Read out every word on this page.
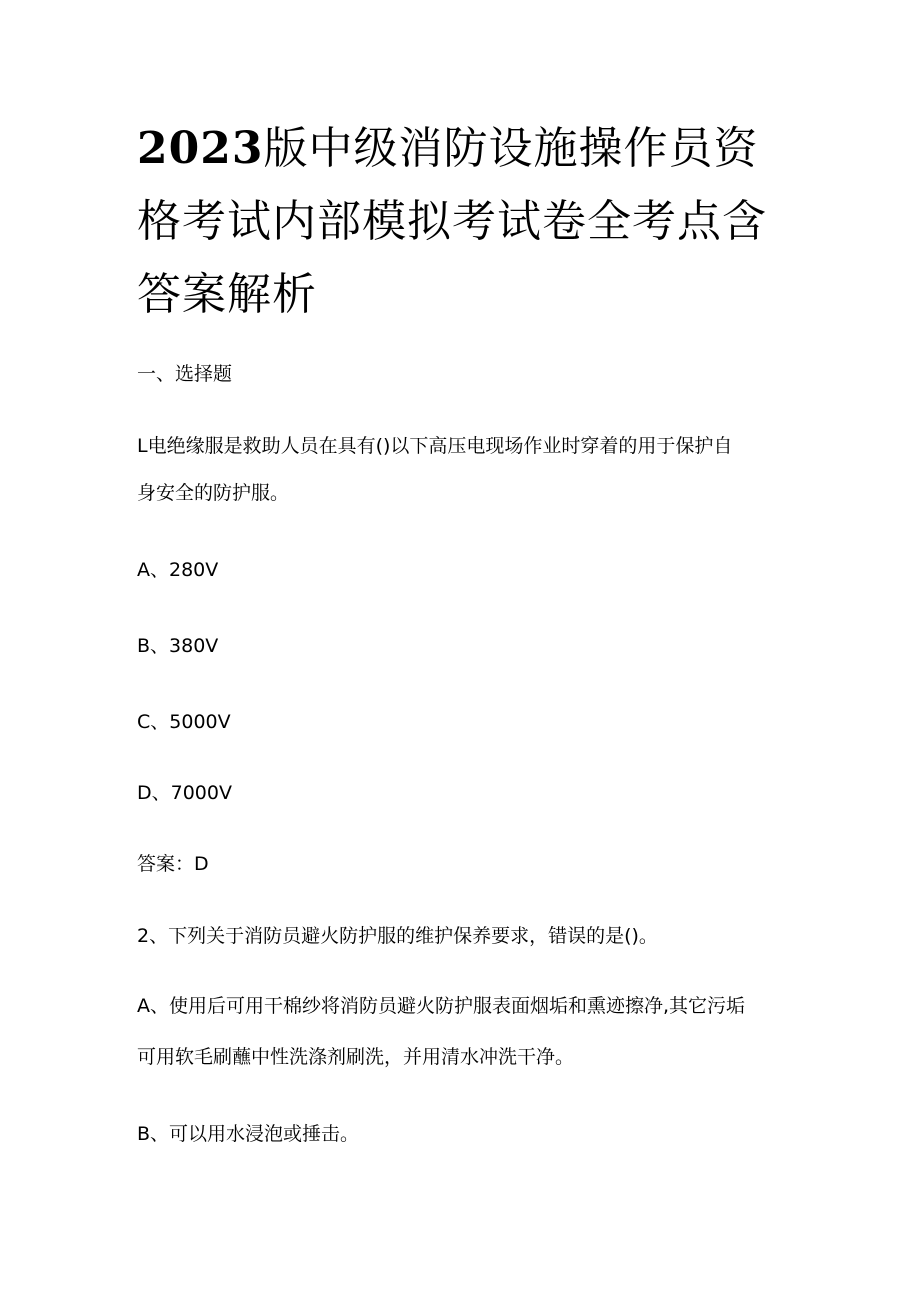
2023版中级消防设施操作员资格考试内部模拟考试卷全考点含答案解析

一、选择题

L电绝缘服是救助人员在具有()以下高压电现场作业时穿着的用于保护自

身安全的防护服。

A、280V

B、380V

C、5000V

D、7000V

答案：D

2、下列关于消防员避火防护服的维护保养要求，错误的是()。

A、使用后可用干棉纱将消防员避火防护服表面烟垢和熏迹擦净,其它污垢

可用软毛刷蘸中性洗涤剂刷洗，并用清水冲洗干净。

B、可以用水浸泡或捶击。
